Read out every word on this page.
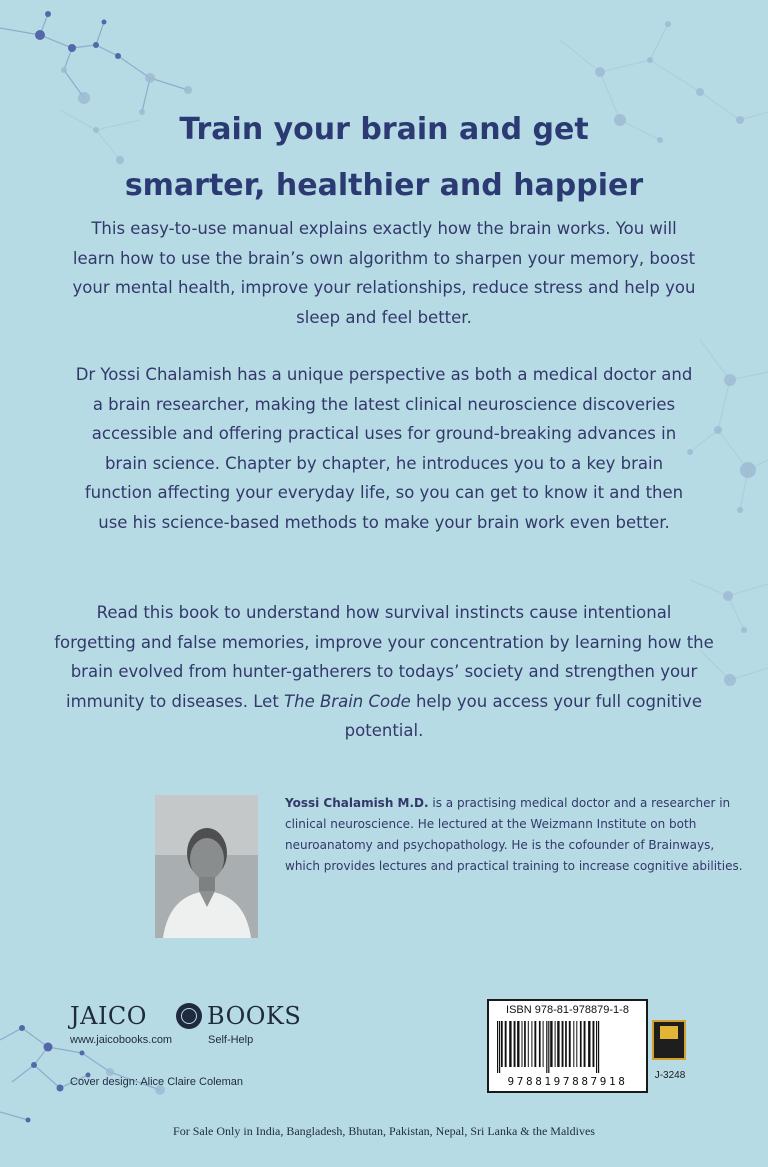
Train your brain and get
smarter, healthier and happier

This easy-to-use manual explains exactly how the brain works. You will learn how to use the brain’s own algorithm to sharpen your memory, boost your mental health, improve your relationships, reduce stress and help you sleep and feel better.

Dr Yossi Chalamish has a unique perspective as both a medical doctor and a brain researcher, making the latest clinical neuroscience discoveries accessible and offering practical uses for ground-breaking advances in brain science. Chapter by chapter, he introduces you to a key brain function affecting your everyday life, so you can get to know it and then use his science-based methods to make your brain work even better.

Read this book to understand how survival instincts cause intentional forgetting and false memories, improve your concentration by learning how the brain evolved from hunter-gatherers to todays’ society and strengthen your immunity to diseases. Let The Brain Code help you access your full cognitive potential.

Yossi Chalamish M.D. is a practising medical doctor and a researcher in clinical neuroscience. He lectured at the Weizmann Institute on both neuroanatomy and psychopathology. He is the cofounder of Brainways, which provides lectures and practical training to increase cognitive abilities.

JAICO	BOOKS
www.jaicobooks.com	Self-Help
Cover design: Alice Claire Coleman
ISBN 978-81-978879-1-8
9788197887918	J-3248
For Sale Only in India, Bangladesh, Bhutan, Pakistan, Nepal, Sri Lanka & the Maldives
